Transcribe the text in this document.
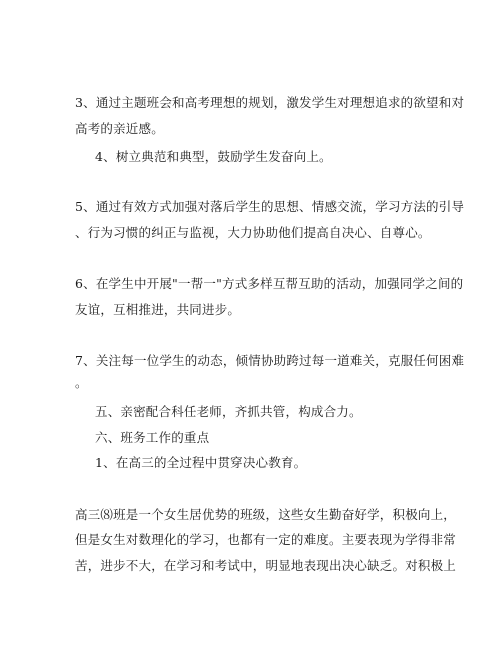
3、通过主题班会和高考理想的规划，激发学生对理想追求的欲望和对
高考的亲近感。
4、树立典范和典型，鼓励学生发奋向上。
5、通过有效方式加强对落后学生的思想、情感交流，学习方法的引导
、行为习惯的纠正与监视，大力协助他们提高自决心、自尊心。
6、在学生中开展"一帮一"方式多样互帮互助的活动，加强同学之间的
友谊，互相推进，共同进步。
7、关注每一位学生的动态，倾情协助跨过每一道难关，克服任何困难
。
五、亲密配合科任老师，齐抓共管，构成合力。
六、班务工作的重点
1、在高三的全过程中贯穿决心教育。
高三⑻班是一个女生居优势的班级，这些女生勤奋好学，积极向上，
但是女生对数理化的学习，也都有一定的难度。主要表现为学得非常
苦，进步不大，在学习和考试中，明显地表现出决心缺乏。对积极上
